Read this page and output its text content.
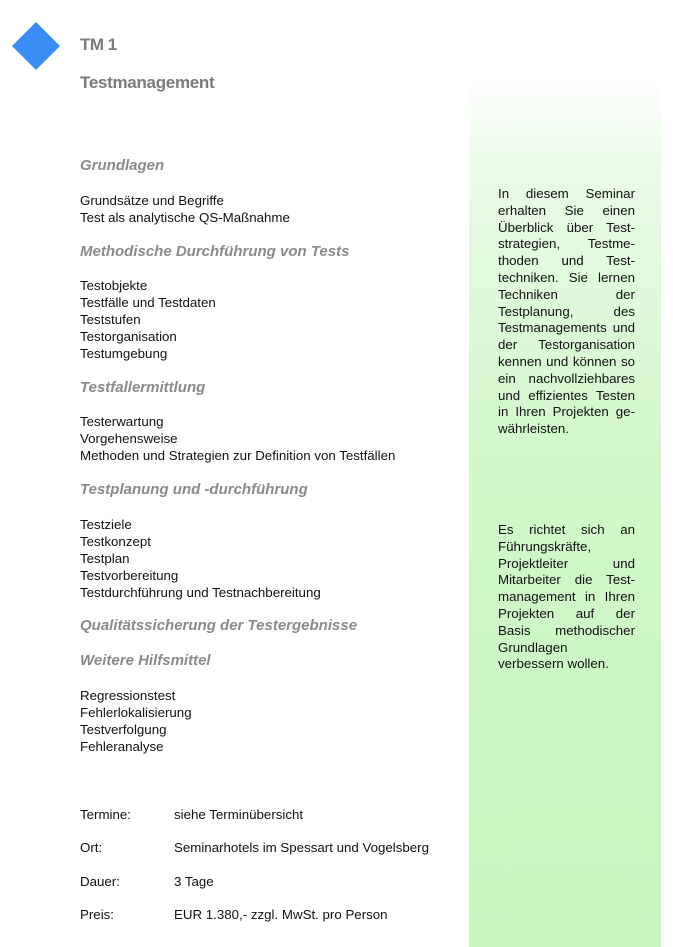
TM 1
Testmanagement
Grundlagen
Grundsätze und Begriffe
Test als analytische QS-Maßnahme
Methodische Durchführung von Tests
Testobjekte
Testfälle und Testdaten
Teststufen
Testorganisation
Testumgebung
Testfallermittlung
Testerwartung
Vorgehensweise
Methoden und Strategien zur Definition von Testfällen
Testplanung und -durchführung
Testziele
Testkonzept
Testplan
Testvorbereitung
Testdurchführung und Testnachbereitung
Qualitätssicherung der Testergebnisse
Weitere Hilfsmittel
Regressionstest
Fehlerlokalisierung
Testverfolgung
Fehleranalyse
Termine:	siehe Terminübersicht
Ort:	Seminarhotels im Spessart und Vogelsberg
Dauer:	3 Tage
Preis:	EUR 1.380,- zzgl. MwSt. pro Person

In diesem Seminar erhalten Sie einen Überblick über Teststrategien, Testmethoden und Testtechniken. Sie lernen Techniken der Testplanung, des Testmanagements und der Testorganisation kennen und können so ein nachvollziehbares und effizientes Testen in Ihren Projekten gewährleisten.

Es richtet sich an Führungskräfte, Projektleiter und Mitarbeiter die Testmanagement in Ihren Projekten auf der Basis methodischer Grundlagen verbessern wollen.
